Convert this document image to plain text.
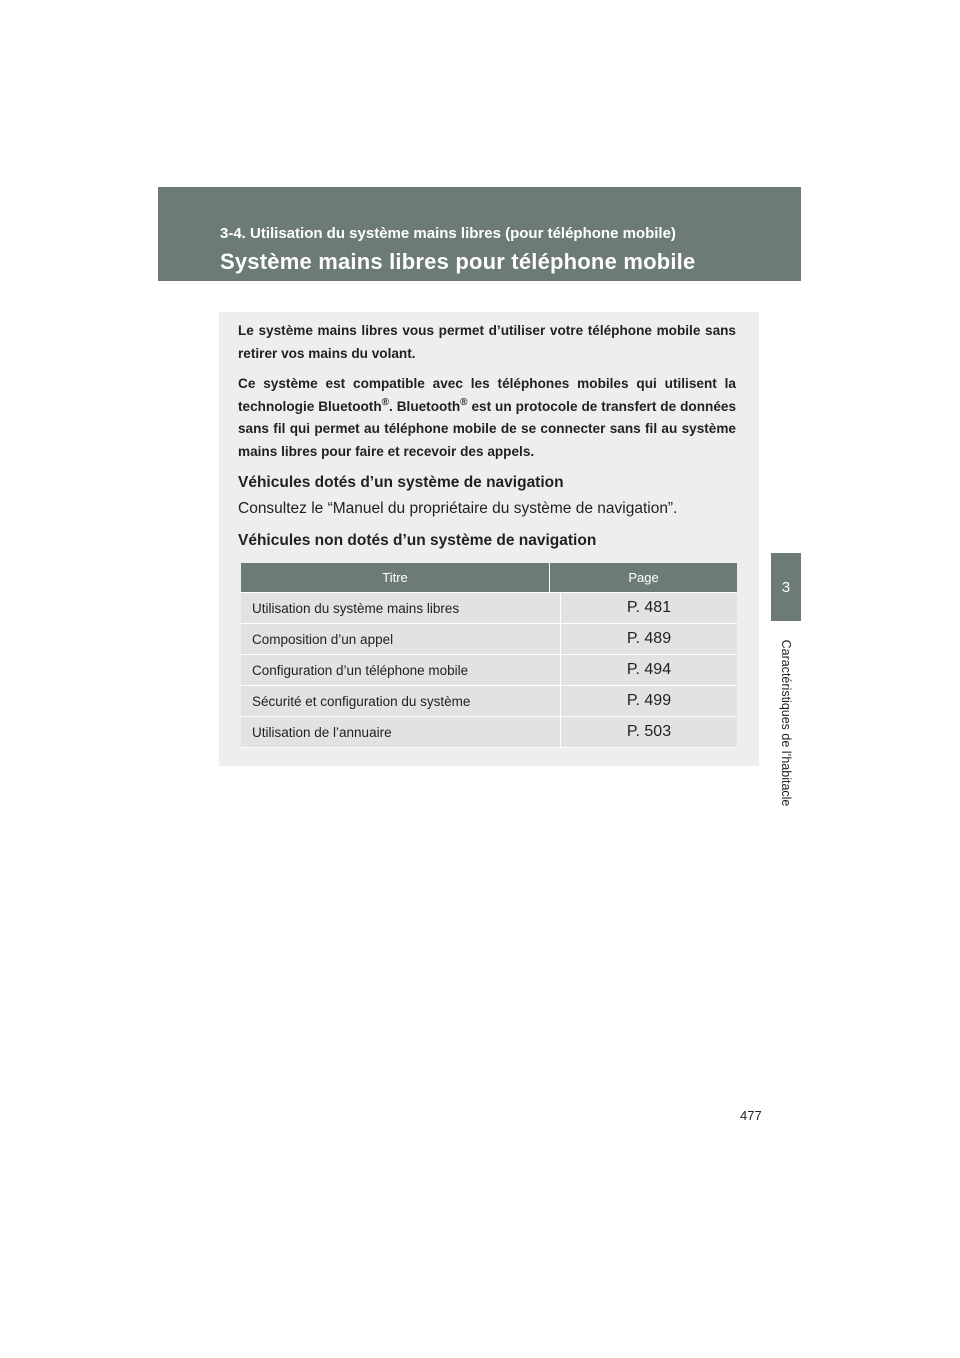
3-4. Utilisation du système mains libres (pour téléphone mobile)
Système mains libres pour téléphone mobile
3
Caractéristiques de l’habitacle

Le système mains libres vous permet d’utiliser votre téléphone mobile sans retirer vos mains du volant.

Ce système est compatible avec les téléphones mobiles qui utilisent la technologie Bluetooth®. Bluetooth® est un protocole de transfert de données sans fil qui permet au téléphone mobile de se connecter sans fil au système mains libres pour faire et recevoir des appels.

Véhicules dotés d’un système de navigation
Consultez le “Manuel du propriétaire du système de navigation”.
Véhicules non dotés d’un système de navigation
Titre	Page
Utilisation du système mains libres	P. 481
Composition d’un appel	P. 489
Configuration d’un téléphone mobile	P. 494
Sécurité et configuration du système	P. 499
Utilisation de l’annuaire	P. 503
477
